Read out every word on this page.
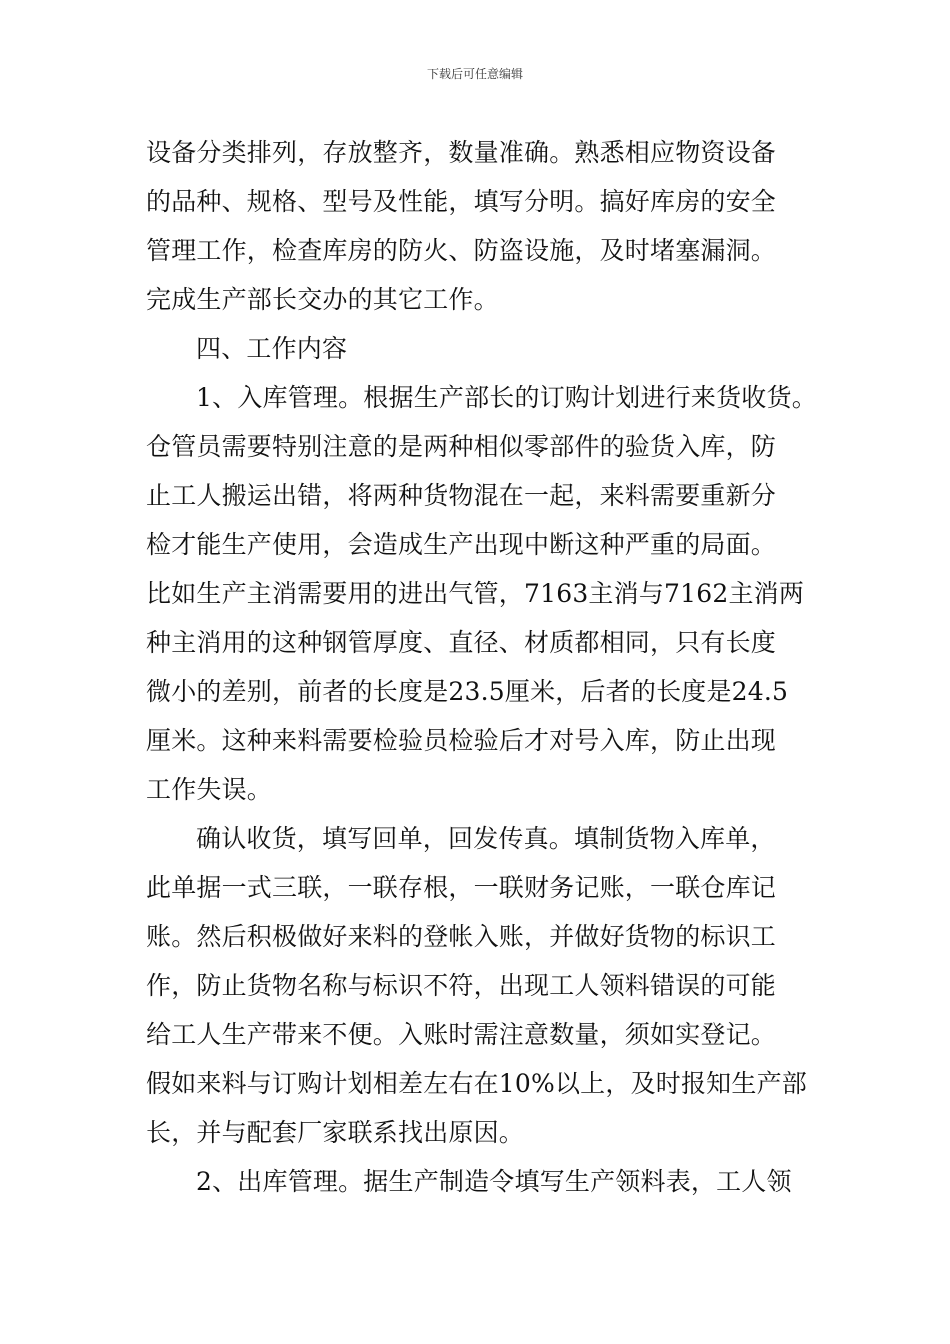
下载后可任意编辑
设备分类排列，存放整齐，数量准确。熟悉相应物资设备
的品种、规格、型号及性能，填写分明。搞好库房的安全
管理工作，检查库房的防火、防盗设施，及时堵塞漏洞。
完成生产部长交办的其它工作。
四、工作内容
1、入库管理。根据生产部长的订购计划进行来货收货。
仓管员需要特别注意的是两种相似零部件的验货入库，防
止工人搬运出错，将两种货物混在一起，来料需要重新分
检才能生产使用，会造成生产出现中断这种严重的局面。
比如生产主消需要用的进出气管，7163主消与7162主消两
种主消用的这种钢管厚度、直径、材质都相同，只有长度
微小的差别，前者的长度是23.5厘米，后者的长度是24.5
厘米。这种来料需要检验员检验后才对号入库，防止出现
工作失误。
确认收货，填写回单，回发传真。填制货物入库单，
此单据一式三联，一联存根，一联财务记账，一联仓库记
账。然后积极做好来料的登帐入账，并做好货物的标识工
作，防止货物名称与标识不符，出现工人领料错误的可能
给工人生产带来不便。入账时需注意数量，须如实登记。
假如来料与订购计划相差左右在10%以上，及时报知生产部
长，并与配套厂家联系找出原因。
2、出库管理。据生产制造令填写生产领料表，工人领
